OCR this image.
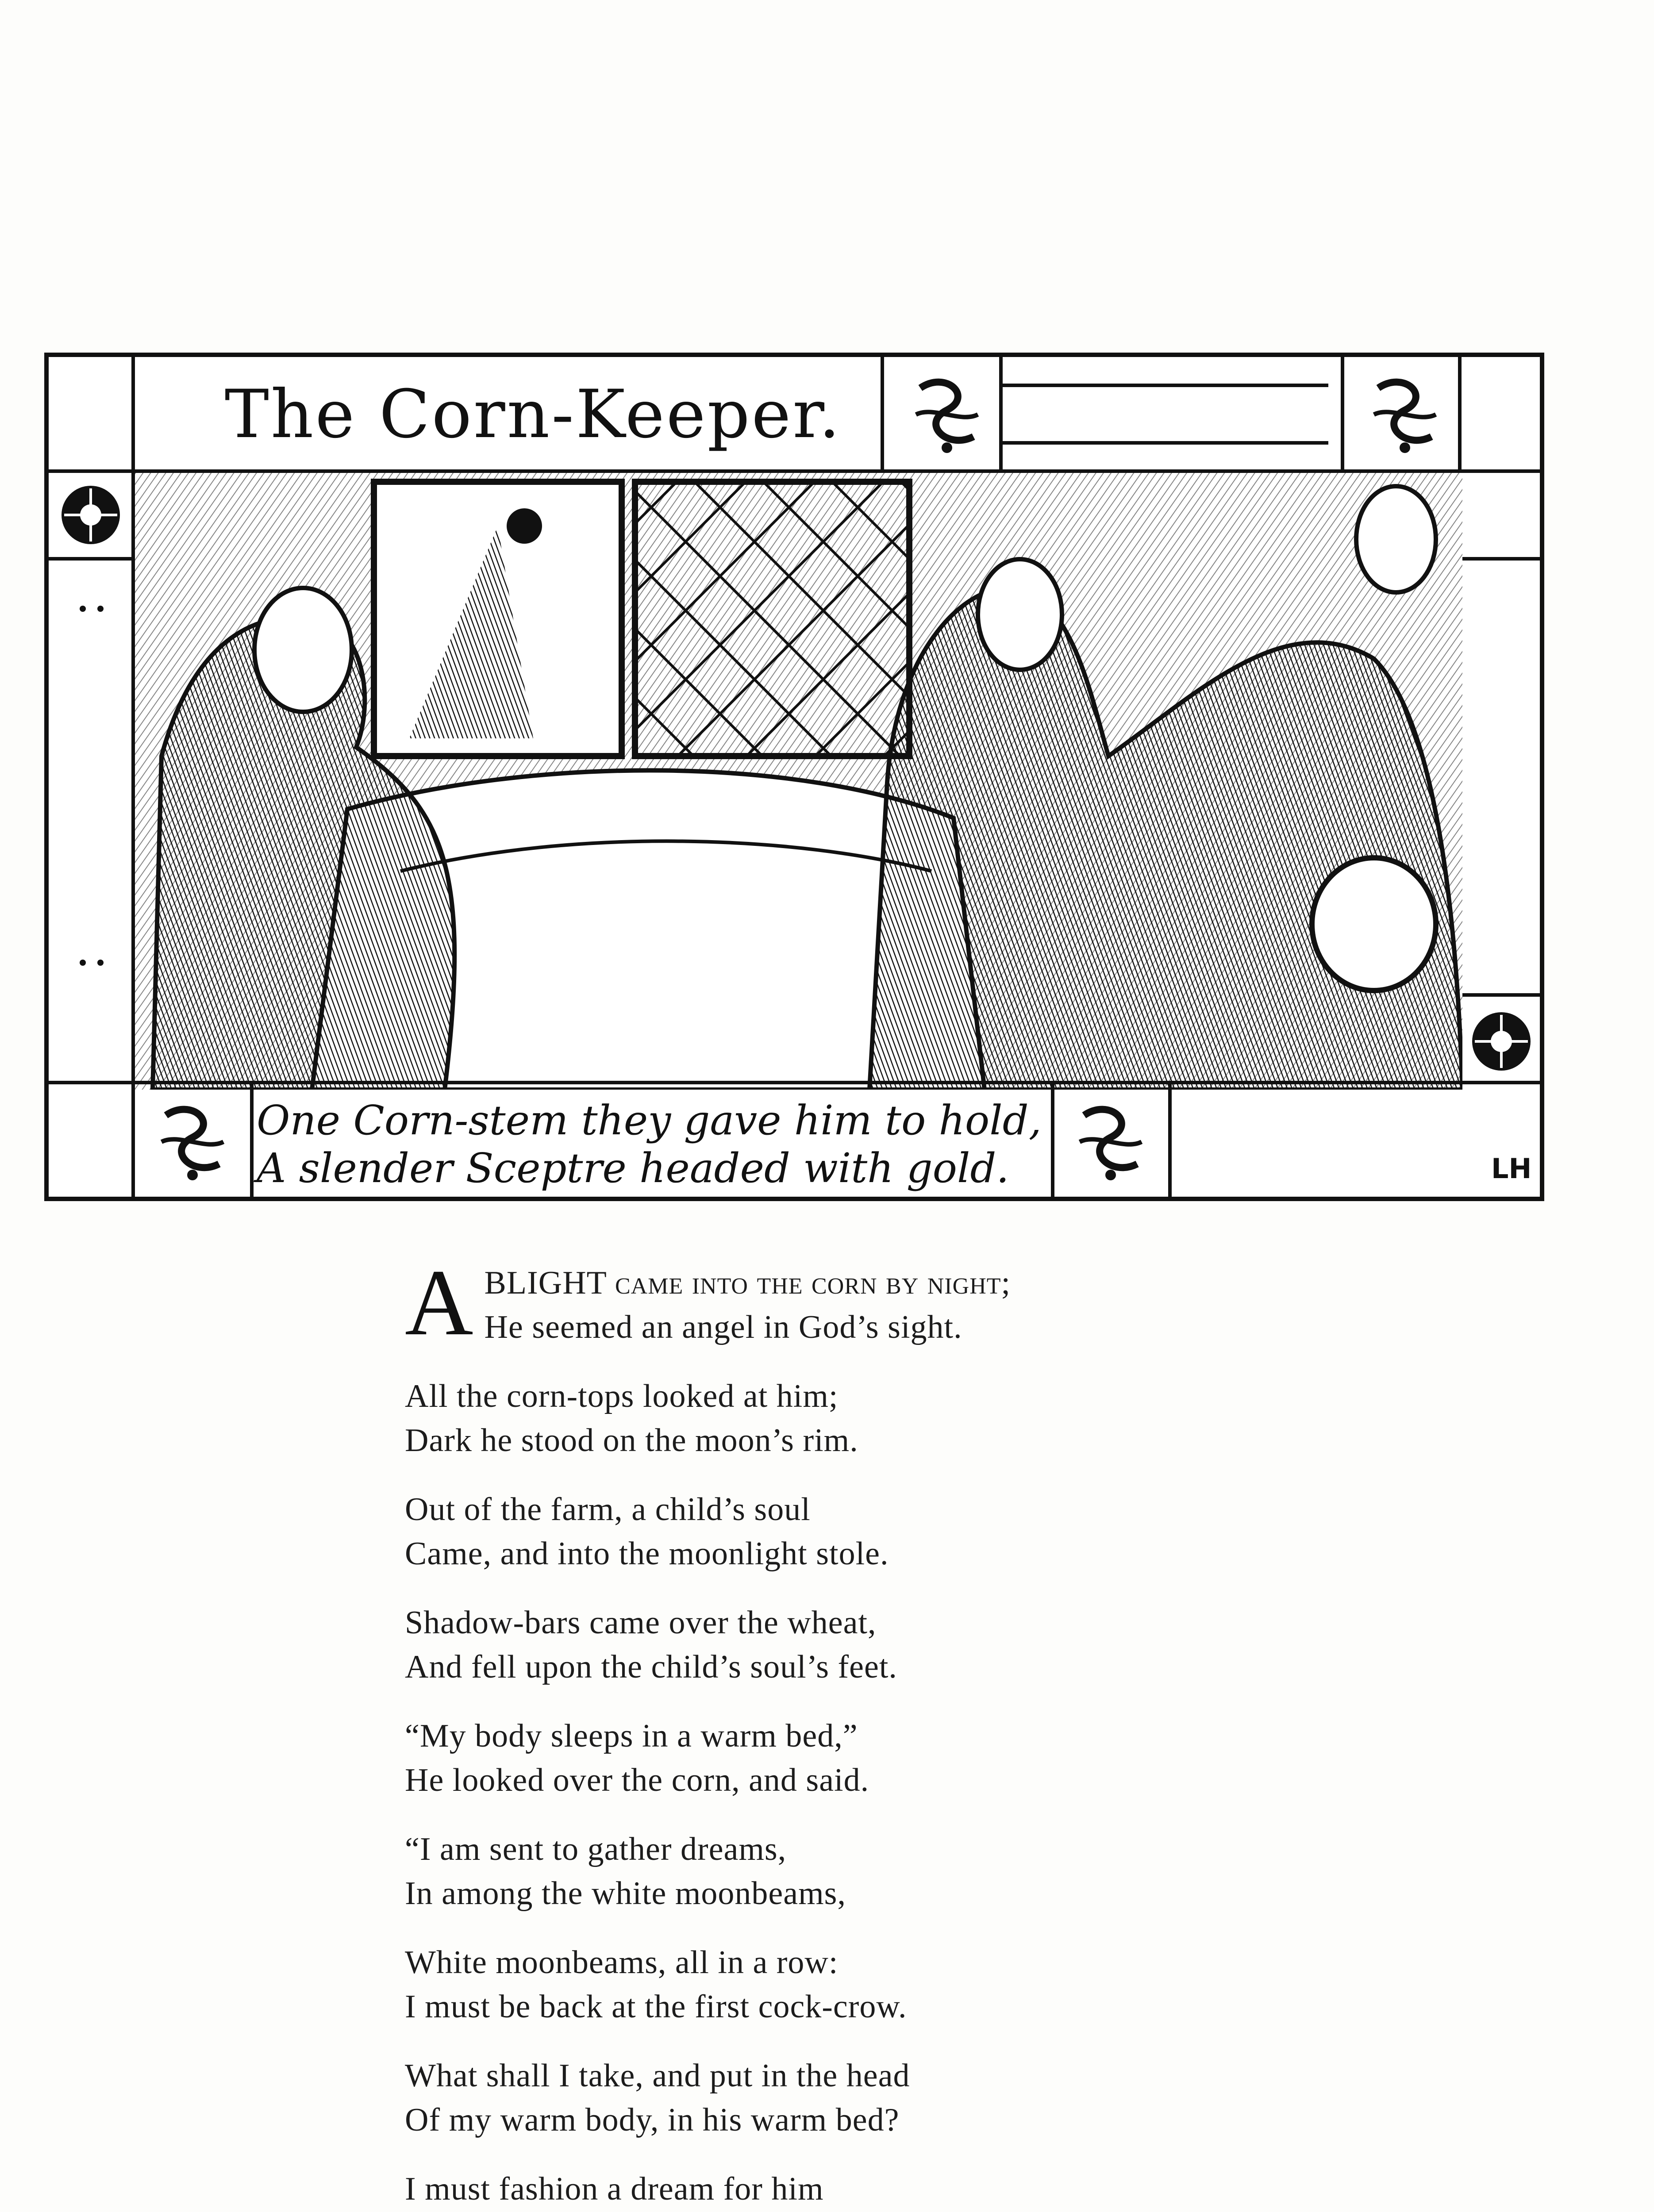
The Corn-Keeper.
LH
One Corn-stem they gave him to hold,
A slender Sceptre headed with gold.
A BLIGHT came into the corn by night;
He seemed an angel in God’s sight.
All the corn-tops looked at him;
Dark he stood on the moon’s rim.
Out of the farm, a child’s soul
Came, and into the moonlight stole.
Shadow-bars came over the wheat,
And fell upon the child’s soul’s feet.
“My body sleeps in a warm bed,”
He looked over the corn, and said.
“I am sent to gather dreams,
In among the white moonbeams,
White moonbeams, all in a row:
I must be back at the first cock-crow.
What shall I take, and put in the head
Of my warm body, in his warm bed?
I must fashion a dream for him
